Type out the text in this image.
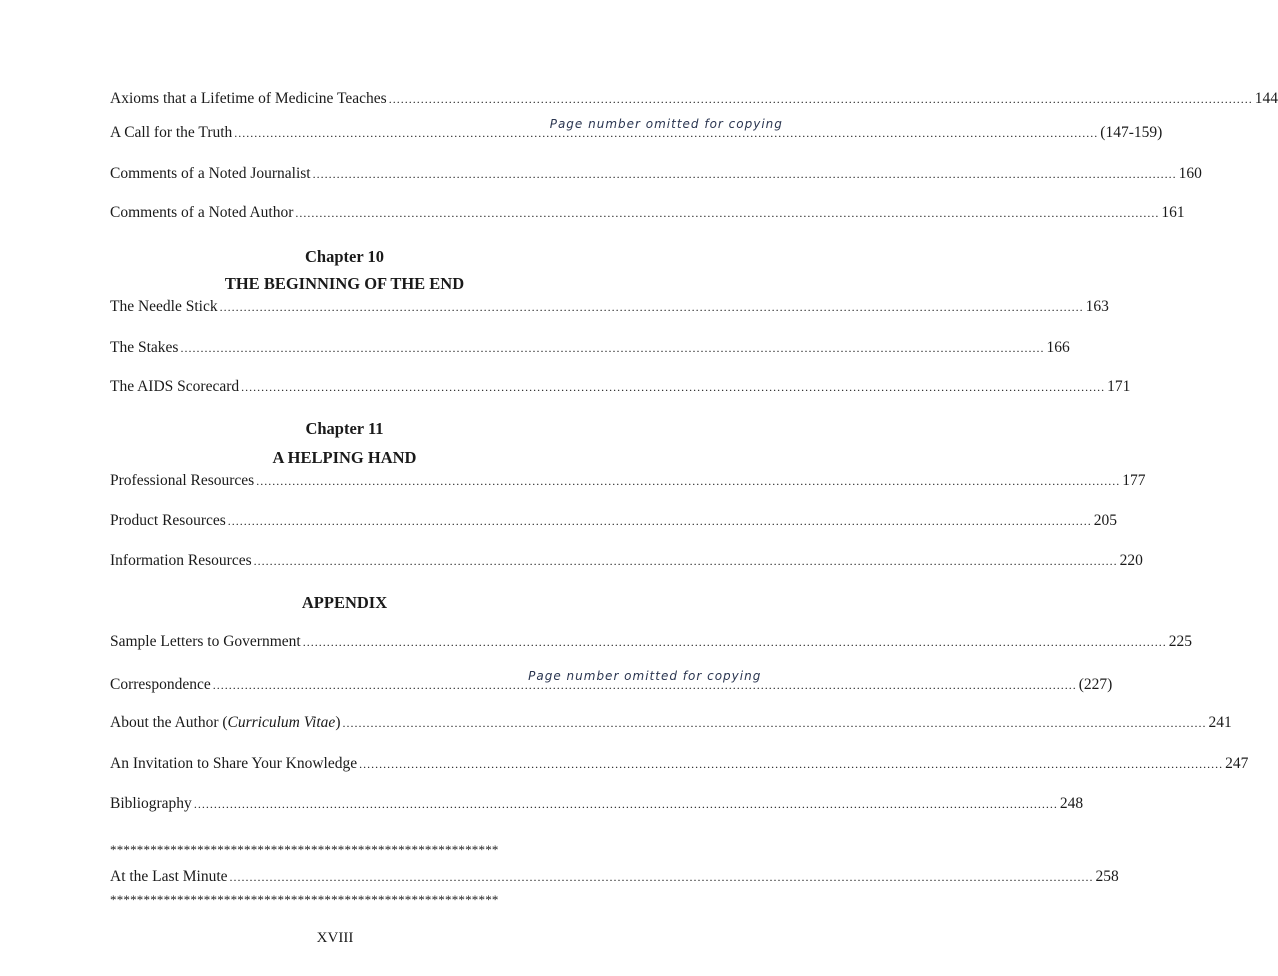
Axioms that a Lifetime of Medicine Teaches .....	144
A Call for the Truth .....	Page number omitted for copying	(147-159)
Comments of a Noted Journalist .....	160
Comments of a Noted Author .....	161
Chapter 10
THE BEGINNING OF THE END
The Needle Stick .....	163
The Stakes .....	166
The AIDS Scorecard .....	171
Chapter 11
A HELPING HAND
Professional Resources .....	177
Product Resources .....	205
Information Resources .....	220
APPENDIX
Sample Letters to Government .....	225
Correspondence .....	Page number omitted for copying	(227)
About the Author (Curriculum Vitae) .....	241
An Invitation to Share Your Knowledge .....	247
Bibliography .....	248
**********************************************************
At the Last Minute .....	258
**********************************************************
XVIII
